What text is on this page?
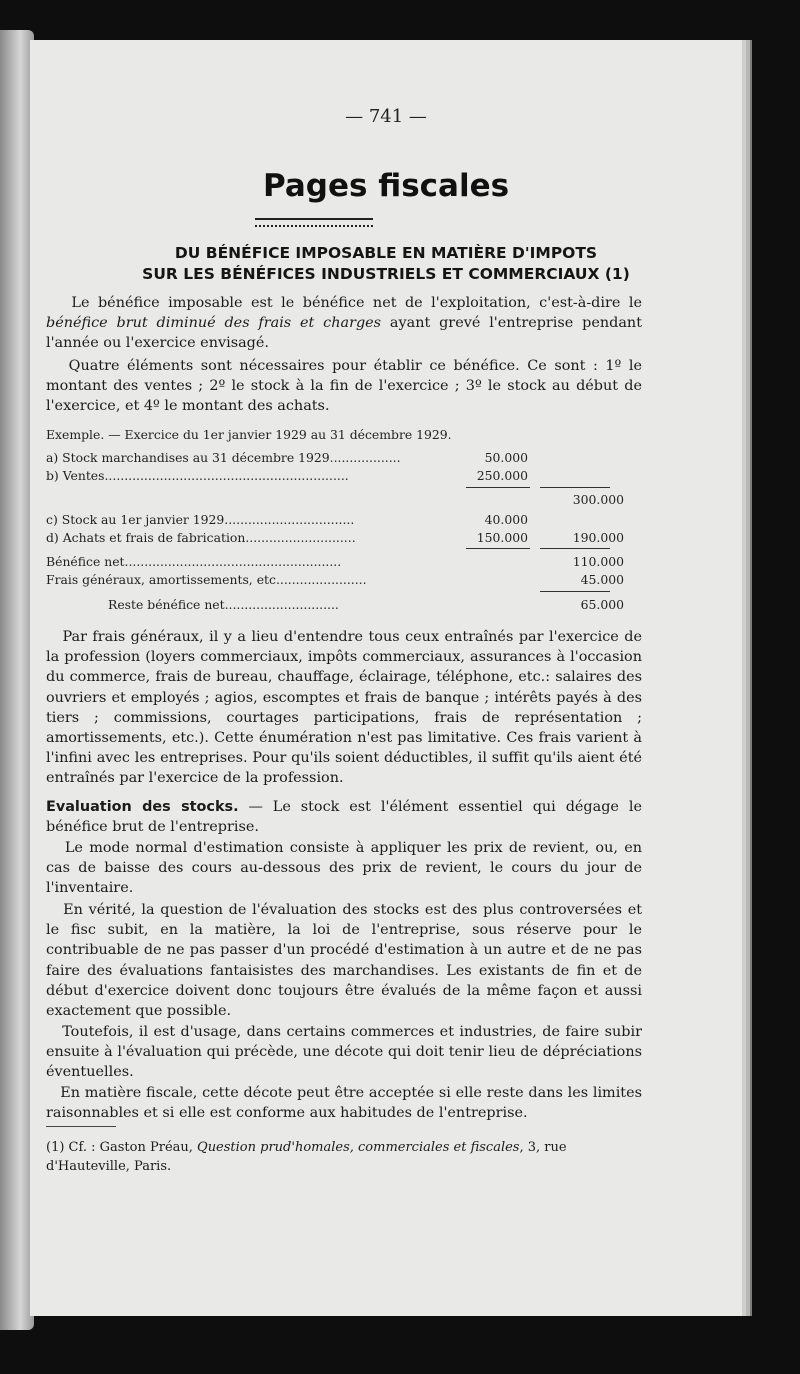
— 741 —
Pages fiscales
DU BÉNÉFICE IMPOSABLE EN MATIÈRE D'IMPOTS
SUR LES BÉNÉFICES INDUSTRIELS ET COMMERCIAUX (1)

Le bénéfice imposable est le bénéfice net de l'exploitation, c'est-à-dire le bénéfice brut diminué des frais et charges ayant grevé l'entreprise pendant l'année ou l'exercice envisagé.

Quatre éléments sont nécessaires pour établir ce bénéfice. Ce sont : 1º le montant des ventes ; 2º le stock à la fin de l'exercice ; 3º le stock au début de l'exercice, et 4º le montant des achats.

Exemple. — Exercice du 1er janvier 1929 au 31 décembre 1929.
a) Stock marchandises au 31 décembre 1929..................	50.000
b) Ventes..............................................................	250.000
300.000
c) Stock au 1er janvier 1929.................................	40.000
d) Achats et frais de fabrication............................	150.000	190.000
Bénéfice net.......................................................	110.000
Frais généraux, amortissements, etc.......................	45.000
Reste bénéfice net.............................	65.000

Par frais généraux, il y a lieu d'entendre tous ceux entraînés par l'exercice de la profession (loyers commerciaux, impôts commerciaux, assurances à l'occasion du commerce, frais de bureau, chauffage, éclairage, téléphone, etc.: salaires des ouvriers et employés ; agios, escomptes et frais de banque ; intérêts payés à des tiers ; commissions, courtages participations, frais de représentation ; amortissements, etc.). Cette énumération n'est pas limitative. Ces frais varient à l'infini avec les entreprises. Pour qu'ils soient déductibles, il suffit qu'ils aient été entraînés par l'exercice de la profession.

Evaluation des stocks. — Le stock est l'élément essentiel qui dégage le bénéfice brut de l'entreprise.

Le mode normal d'estimation consiste à appliquer les prix de revient, ou, en cas de baisse des cours au-dessous des prix de revient, le cours du jour de l'inventaire.

En vérité, la question de l'évaluation des stocks est des plus controversées et le fisc subit, en la matière, la loi de l'entreprise, sous réserve pour le contribuable de ne pas passer d'un procédé d'estimation à un autre et de ne pas faire des évaluations fantaisistes des marchandises. Les existants de fin et de début d'exercice doivent donc toujours être évalués de la même façon et aussi exactement que possible.

Toutefois, il est d'usage, dans certains commerces et industries, de faire subir ensuite à l'évaluation qui précède, une décote qui doit tenir lieu de dépréciations éventuelles.

En matière fiscale, cette décote peut être acceptée si elle reste dans les limites raisonnables et si elle est conforme aux habitudes de l'entreprise.

(1) Cf. : Gaston Préau, Question prud'homales, commerciales et fiscales, 3, rue d'Hauteville, Paris.
